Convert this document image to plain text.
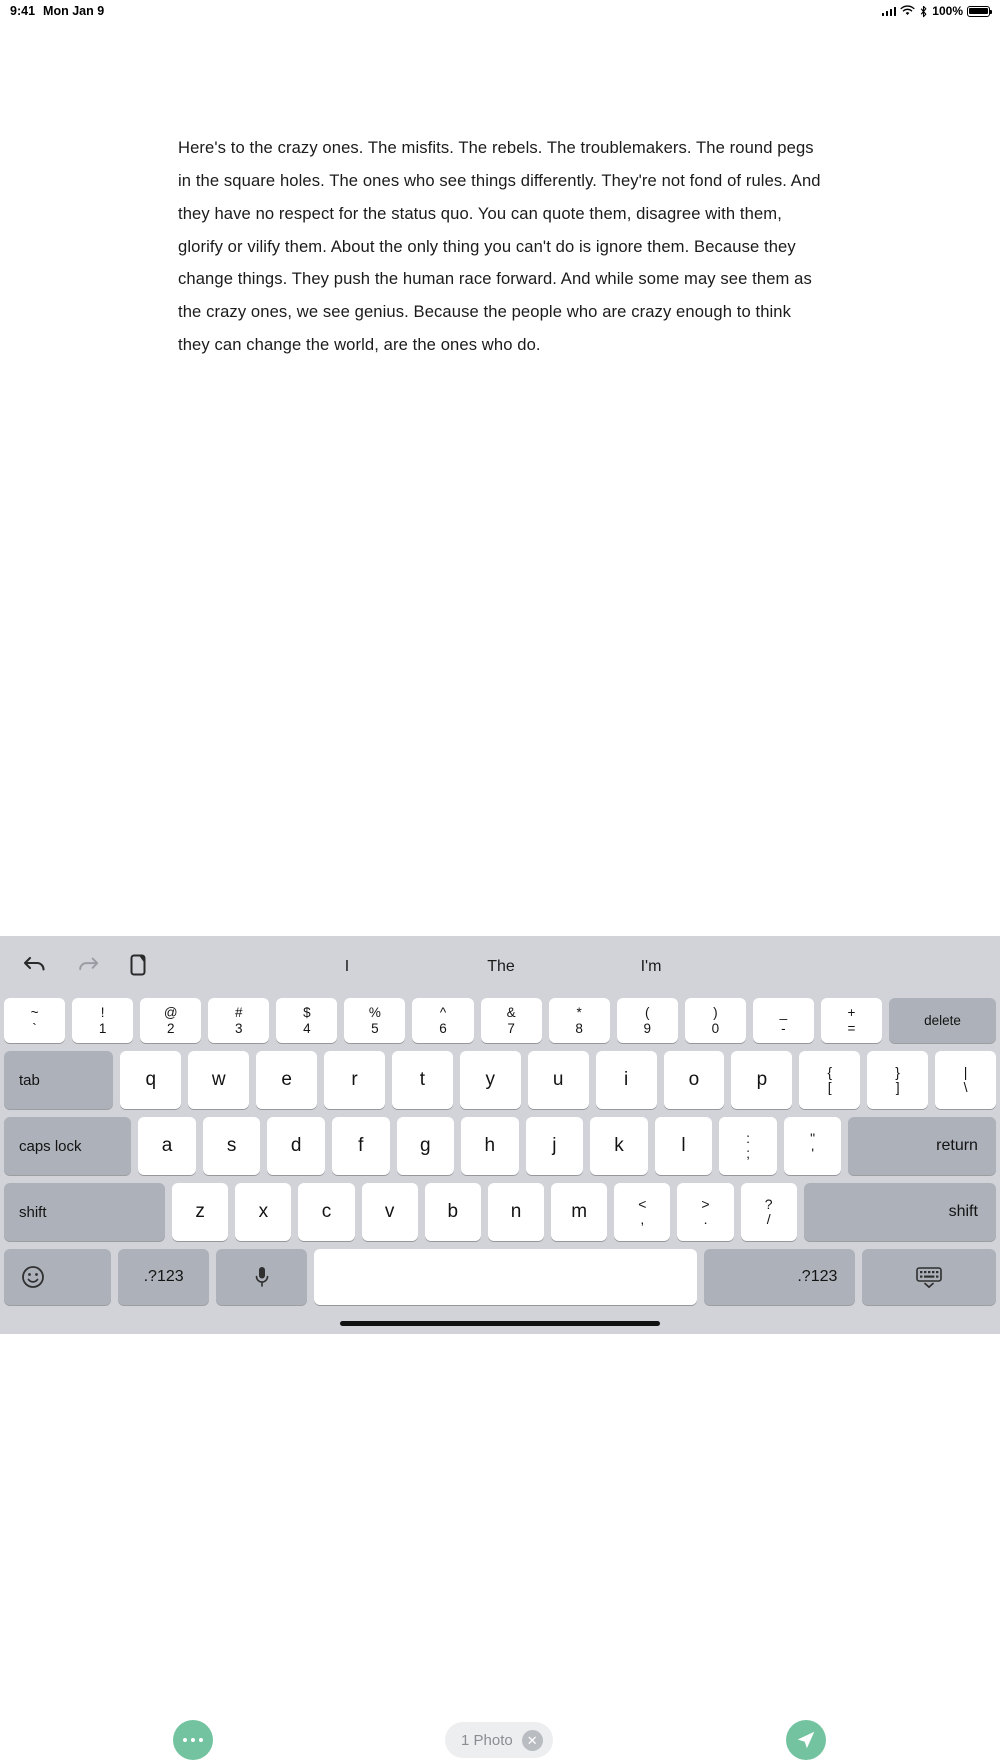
9:41 Mon Jan 9	100%
Here's to the crazy ones. The misfits. The rebels. The troublemakers. The round pegs in the square holes. The ones who see things differently. They're not fond of rules. And they have no respect for the status quo. You can quote them, disagree with them, glorify or vilify them. About the only thing you can't do is ignore them. Because they change things. They push the human race forward. And while some may see them as the crazy ones, we see genius. Because the people who are crazy enough to think they can change the world, are the ones who do.
1 Photo	✕
I	The	I'm
~
`
!
1
@
2
#
3
$
4
%
5
^
6
&
7
*
8
(
9
)
0
_
-
+
=
delete
tab	q	w	e	r	t	y	u	i	o	p	{
[
}
]
|
\
caps lock	a	s	d	f	g	h	j	k	l	:
;
"
'	return
shift	z	x	c	v	b	n	m	<
,
>
.
?
/	shift
.?123	.?123
